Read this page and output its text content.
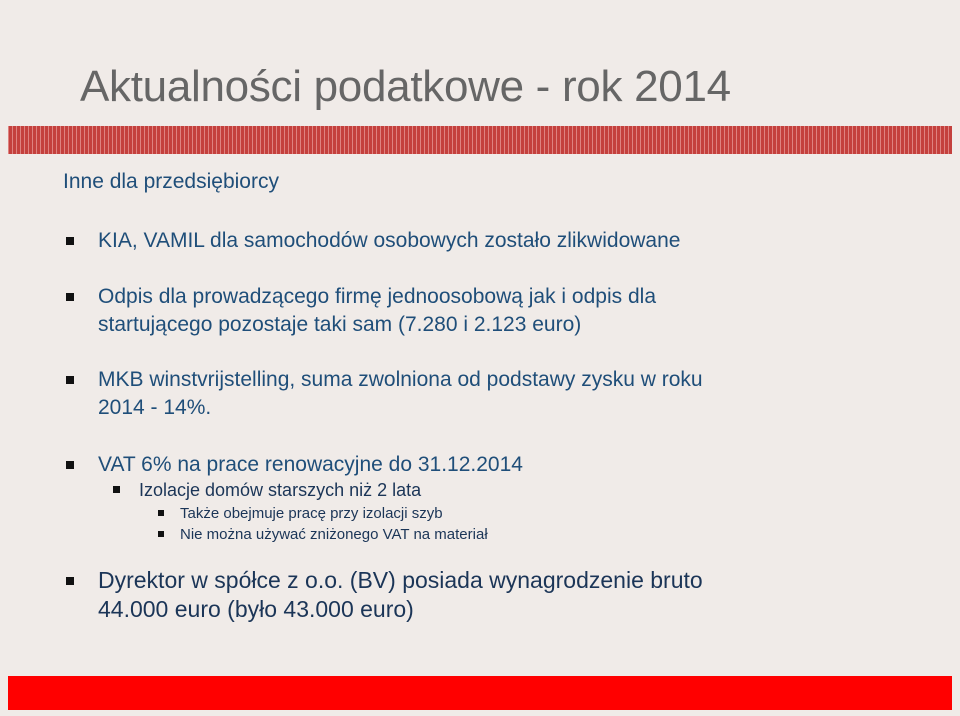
Aktualności podatkowe - rok 2014
Inne dla przedsiębiorcy
KIA, VAMIL dla samochodów osobowych zostało zlikwidowane
Odpis dla prowadzącego firmę jednoosobową jak i odpis dla
startującego pozostaje taki sam (7.280 i 2.123 euro)
MKB winstvrijstelling, suma zwolniona od podstawy zysku w roku
2014 - 14%.
VAT 6% na prace renowacyjne do 31.12.2014
Izolacje domów starszych niż 2 lata
Także obejmuje pracę przy izolacji szyb
Nie można używać zniżonego VAT na materiał
Dyrektor w spółce z o.o. (BV) posiada wynagrodzenie bruto
44.000 euro (było 43.000 euro)
